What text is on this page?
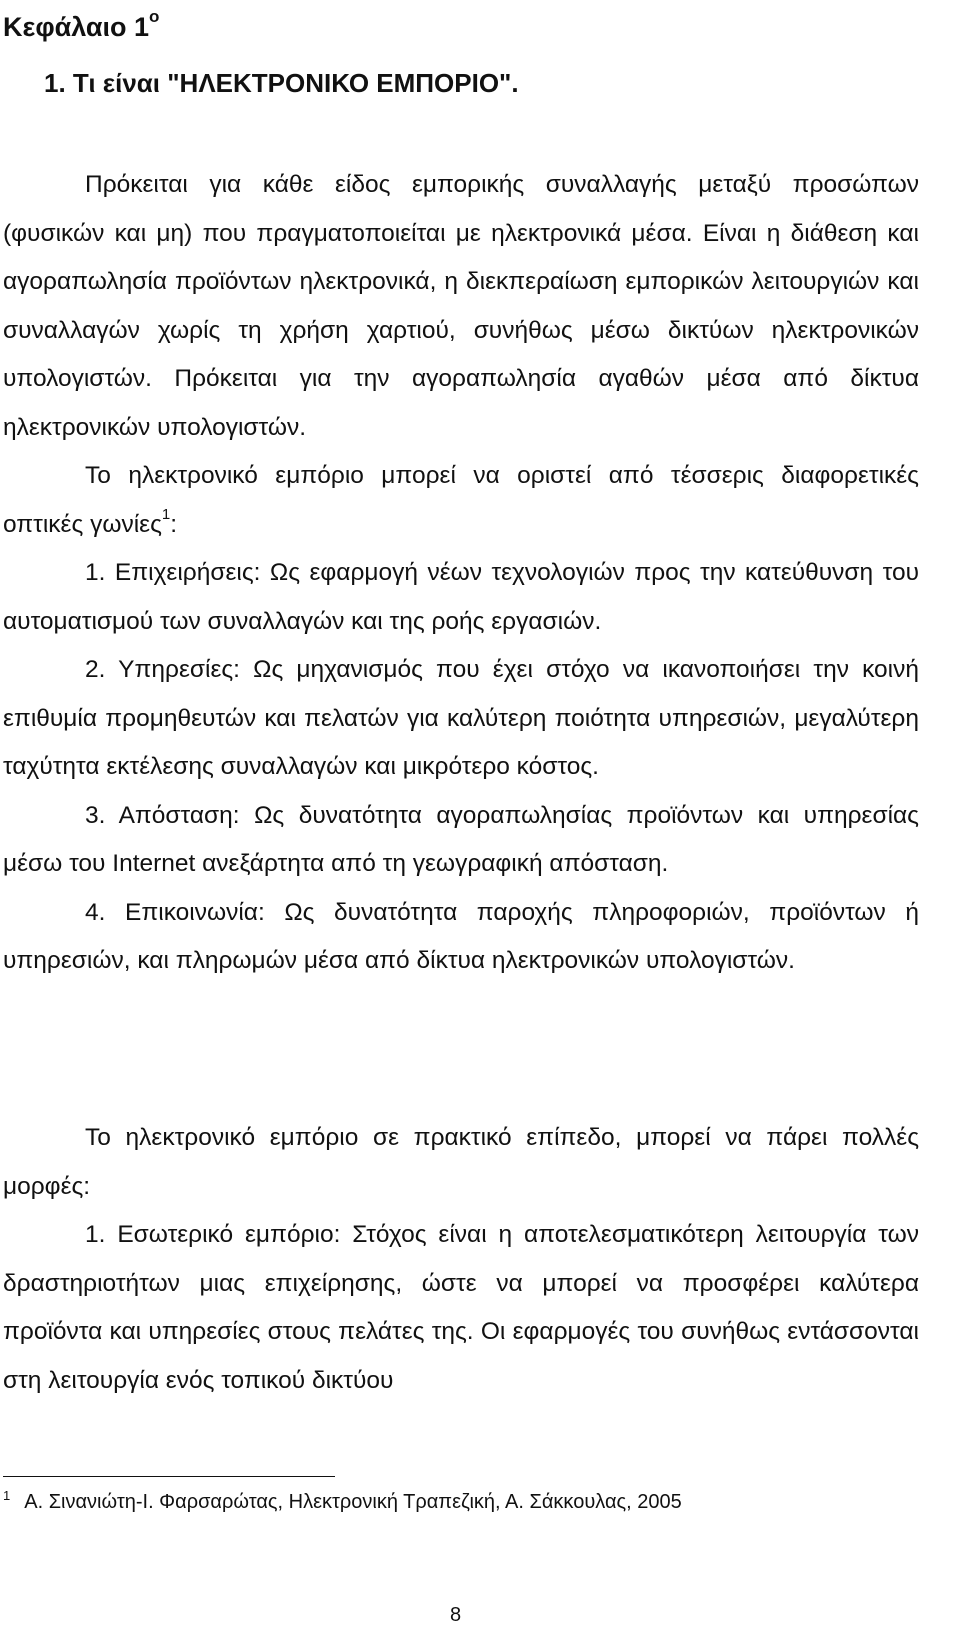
Κεφάλαιο $1^o$
1. Τι είναι "ΗΛΕΚΤΡΟΝΙΚΟ ΕΜΠΟΡΙΟ".

Πρόκειται για κάθε είδος εμπορικής συναλλαγής μεταξύ προσώπων (φυσικών και μη) που πραγματοποιείται με ηλεκτρονικά μέσα. Είναι η διάθεση και αγοραπωλησία προϊόντων ηλεκτρονικά, η διεκπεραίωση εμπορικών λειτουργιών και συναλλαγών χωρίς τη χρήση χαρτιού, συνήθως μέσω δικτύων ηλεκτρονικών υπολογιστών. Πρόκειται για την αγοραπωλησία αγαθών μέσα από δίκτυα ηλεκτρονικών υπολογιστών.

Το ηλεκτρονικό εμπόριο μπορεί να οριστεί από τέσσερις διαφορετικές οπτικές γωνίες$^1$:

1. Επιχειρήσεις: Ως εφαρμογή νέων τεχνολογιών προς την κατεύθυνση του αυτοματισμού των συναλλαγών και της ροής εργασιών.

2. Υπηρεσίες: Ως μηχανισμός που έχει στόχο να ικανοποιήσει την κοινή επιθυμία προμηθευτών και πελατών για καλύτερη ποιότητα υπηρεσιών, μεγαλύτερη ταχύτητα εκτέλεσης συναλλαγών και μικρότερο κόστος.

3. Απόσταση: Ως δυνατότητα αγοραπωλησίας προϊόντων και υπηρεσίας μέσω του Internet ανεξάρτητα από τη γεωγραφική απόσταση.

4. Επικοινωνία: Ως δυνατότητα παροχής πληροφοριών, προϊόντων ή υπηρεσιών, και πληρωμών μέσα από δίκτυα ηλεκτρονικών υπολογιστών.

Το ηλεκτρονικό εμπόριο σε πρακτικό επίπεδο, μπορεί να πάρει πολλές μορφές:

1. Εσωτερικό εμπόριο: Στόχος είναι η αποτελεσματικότερη λειτουργία των δραστηριοτήτων μιας επιχείρησης, ώστε να μπορεί να προσφέρει καλύτερα προϊόντα και υπηρεσίες στους πελάτες της. Οι εφαρμογές του συνήθως εντάσσονται στη λειτουργία ενός τοπικού δικτύου

$^1$ Α. Σινανιώτη-Ι. Φαρσαρώτας, Ηλεκτρονική Τραπεζική, Α. Σάκκουλας, 2005
8
